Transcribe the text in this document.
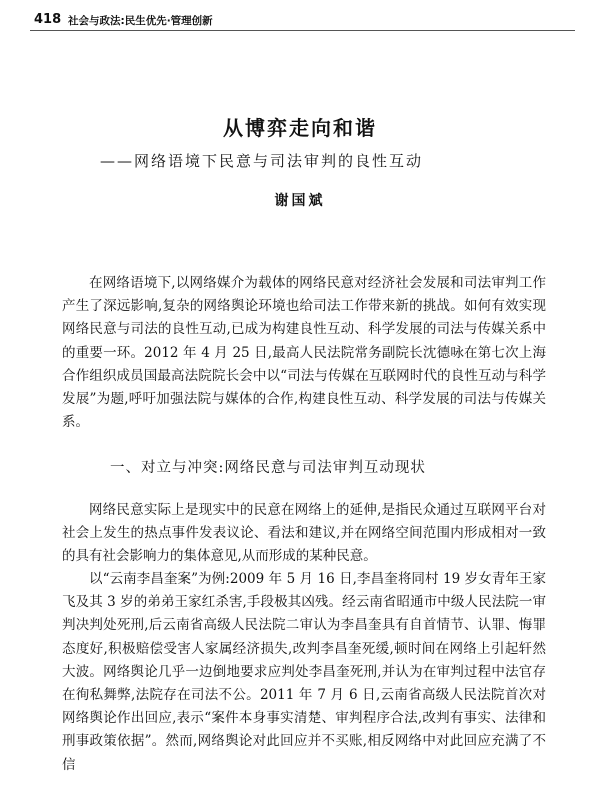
418 社会与政法:民生优先·管理创新
从博弈走向和谐
——网络语境下民意与司法审判的良性互动
谢国斌

在网络语境下,以网络媒介为载体的网络民意对经济社会发展和司法审判工作产生了深远影响,复杂的网络舆论环境也给司法工作带来新的挑战。如何有效实现网络民意与司法的良性互动,已成为构建良性互动、科学发展的司法与传媒关系中的重要一环。2012 年 4 月 25 日,最高人民法院常务副院长沈德咏在第七次上海合作组织成员国最高法院院长会中以“司法与传媒在互联网时代的良性互动与科学发展”为题,呼吁加强法院与媒体的合作,构建良性互动、科学发展的司法与传媒关系。

一、对立与冲突:网络民意与司法审判互动现状

网络民意实际上是现实中的民意在网络上的延伸,是指民众通过互联网平台对社会上发生的热点事件发表议论、看法和建议,并在网络空间范围内形成相对一致的具有社会影响力的集体意见,从而形成的某种民意。

以“云南李昌奎案”为例:2009 年 5 月 16 日,李昌奎将同村 19 岁女青年王家飞及其 3 岁的弟弟王家红杀害,手段极其凶残。经云南省昭通市中级人民法院一审判决判处死刑,后云南省高级人民法院二审认为李昌奎具有自首情节、认罪、悔罪态度好,积极赔偿受害人家属经济损失,改判李昌奎死缓,顿时间在网络上引起轩然大波。网络舆论几乎一边倒地要求应判处李昌奎死刑,并认为在审判过程中法官存在徇私舞弊,法院存在司法不公。2011 年 7 月 6 日,云南省高级人民法院首次对网络舆论作出回应,表示“案件本身事实清楚、审判程序合法,改判有事实、法律和刑事政策依据”。然而,网络舆论对此回应并不买账,相反网络中对此回应充满了不信
